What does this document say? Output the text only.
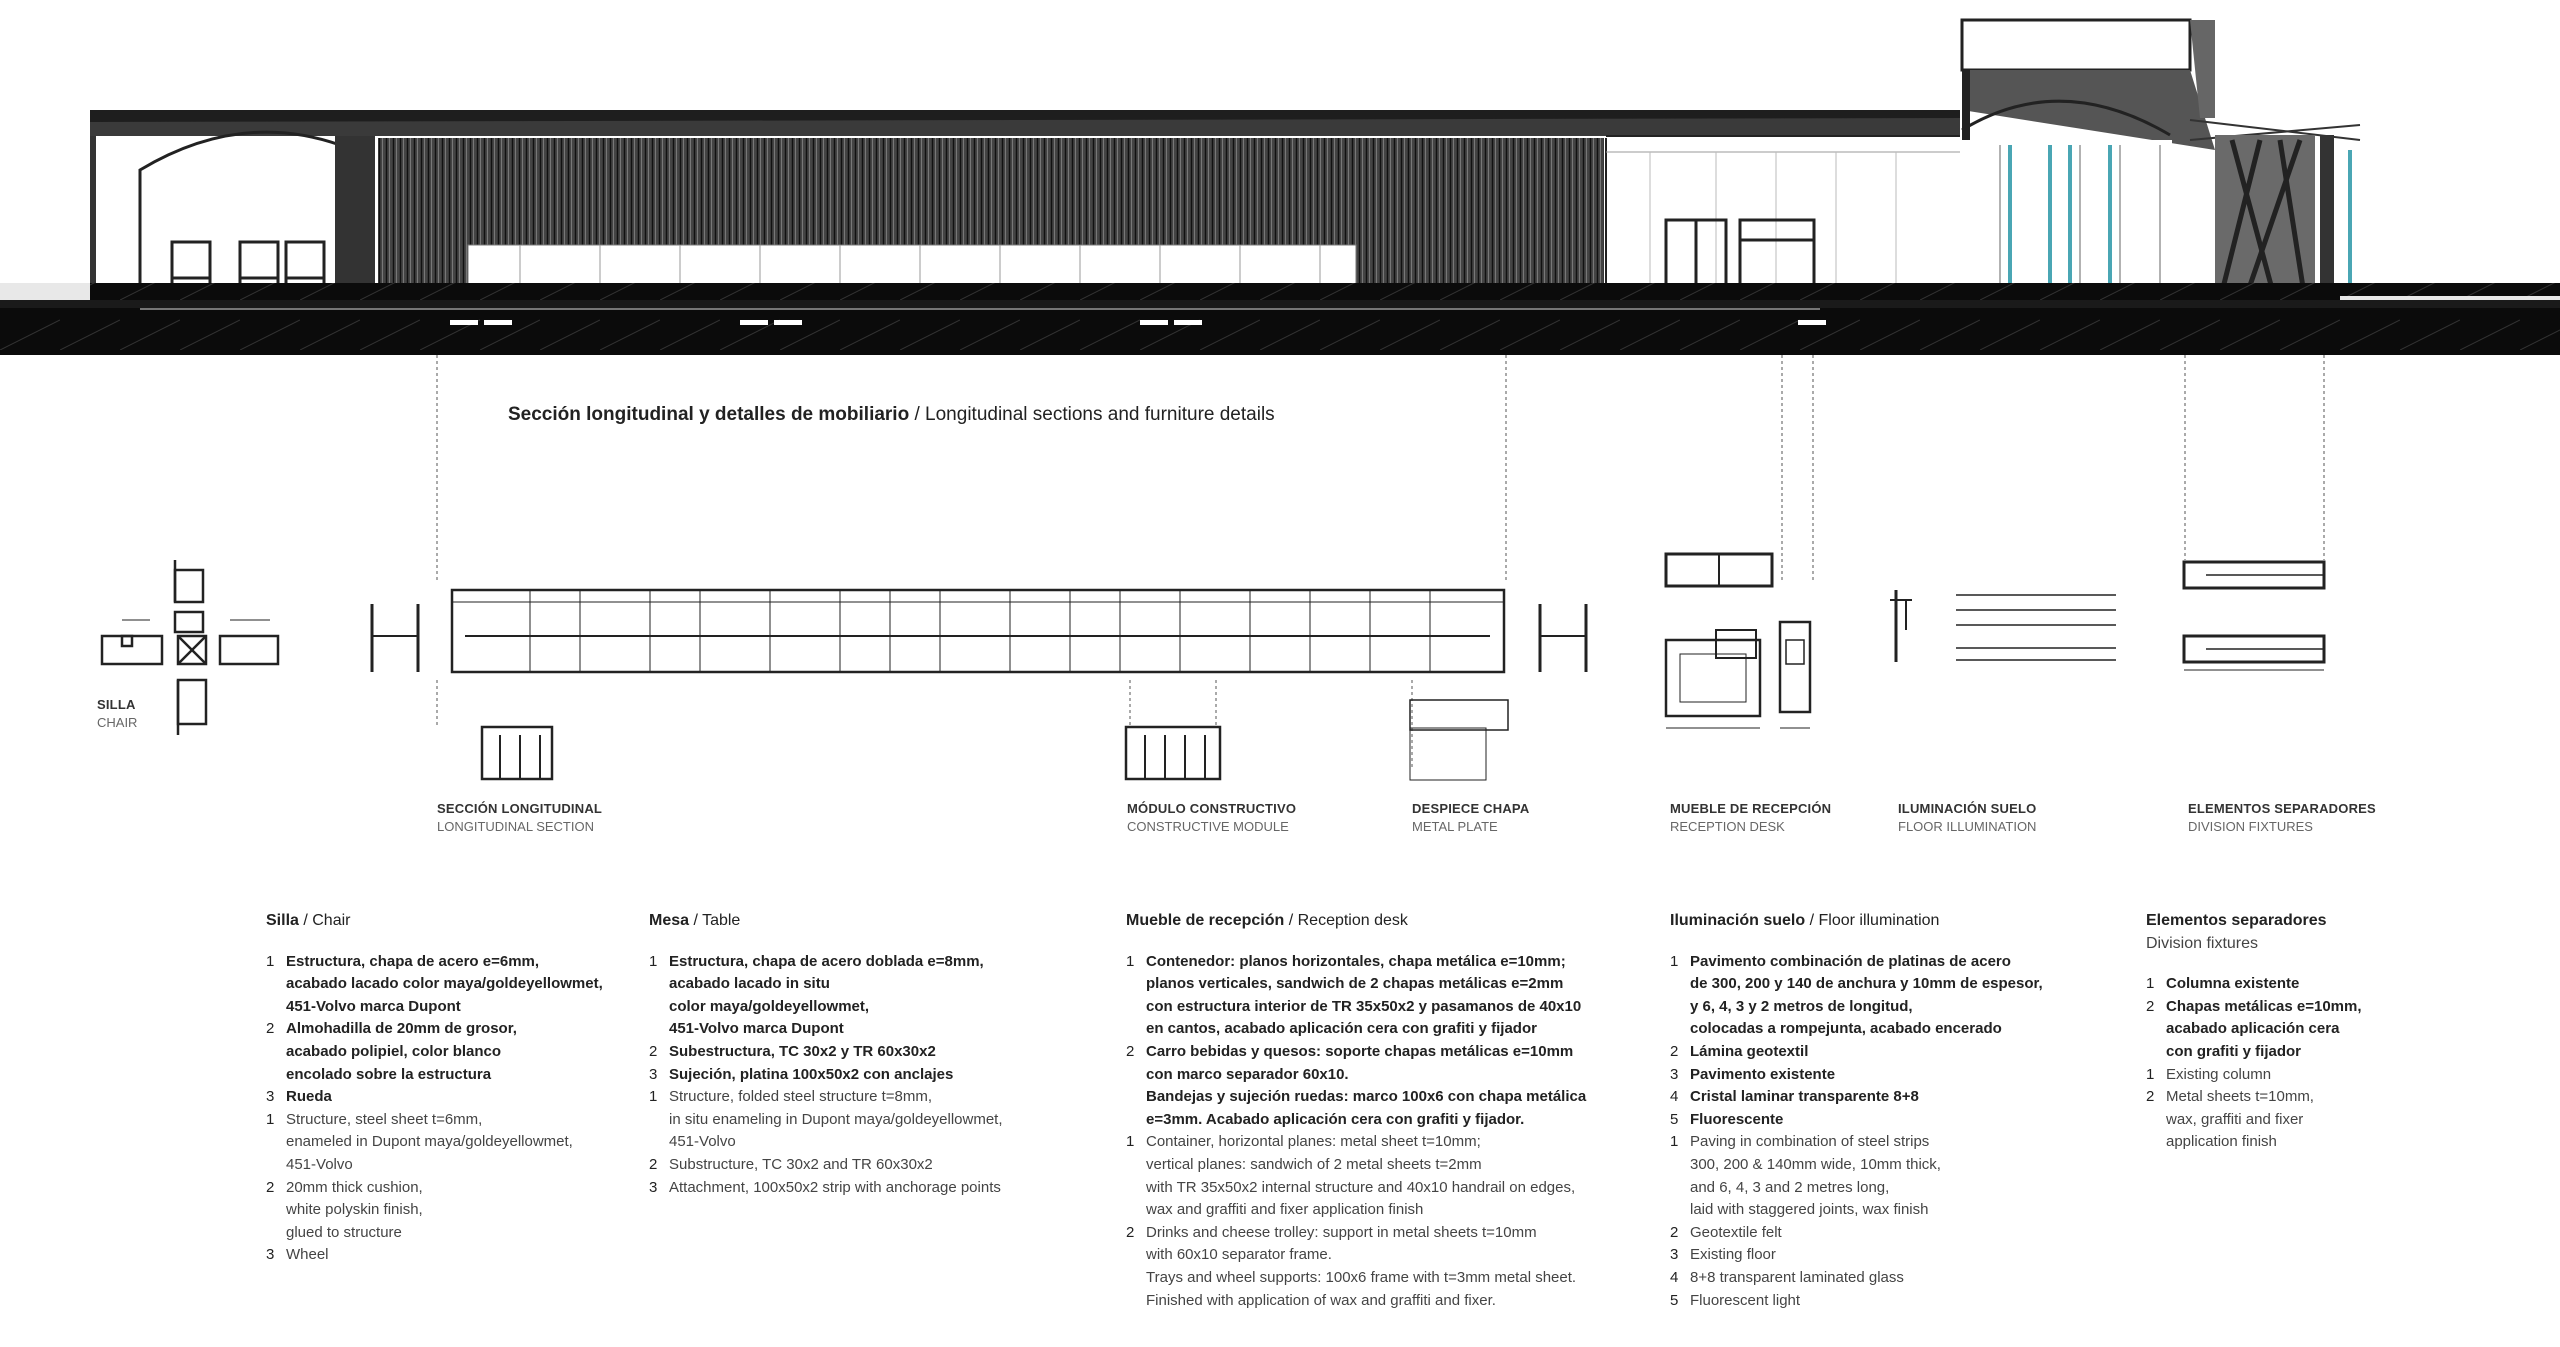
Sección longitudinal y detalles de mobiliario / Longitudinal sections and furniture details
SILLA
CHAIR
SECCIÓN LONGITUDINAL
LONGITUDINAL SECTION
MÓDULO CONSTRUCTIVO
CONSTRUCTIVE MODULE
DESPIECE CHAPA
METAL PLATE
MUEBLE DE RECEPCIÓN
RECEPTION DESK
ILUMINACIÓN SUELO
FLOOR ILLUMINATION
ELEMENTOS SEPARADORES
DIVISION FIXTURES
Silla / Chair
1 Estructura, chapa de acero e=6mm,
acabado lacado color maya/goldeyellowmet,
451-Volvo marca Dupont
2 Almohadilla de 20mm de grosor,
acabado polipiel, color blanco
encolado sobre la estructura
3 Rueda
1 Structure, steel sheet t=6mm,
enameled in Dupont maya/goldeyellowmet,
451-Volvo
2 20mm thick cushion,
white polyskin finish,
glued to structure
3 Wheel
Mesa / Table
1 Estructura, chapa de acero doblada e=8mm,
acabado lacado in situ
color maya/goldeyellowmet,
451-Volvo marca Dupont
2 Subestructura, TC 30x2 y TR 60x30x2
3 Sujeción, platina 100x50x2 con anclajes
1 Structure, folded steel structure t=8mm,
in situ enameling in Dupont maya/goldeyellowmet,
451-Volvo
2 Substructure, TC 30x2 and TR 60x30x2
3 Attachment, 100x50x2 strip with anchorage points
Mueble de recepción / Reception desk
1 Contenedor: planos horizontales, chapa metálica e=10mm;
planos verticales, sandwich de 2 chapas metálicas e=2mm
con estructura interior de TR 35x50x2 y pasamanos de 40x10
en cantos, acabado aplicación cera con grafiti y fijador
2 Carro bebidas y quesos: soporte chapas metálicas e=10mm
con marco separador 60x10.
Bandejas y sujeción ruedas: marco 100x6 con chapa metálica
e=3mm. Acabado aplicación cera con grafiti y fijador.
1 Container, horizontal planes: metal sheet t=10mm;
vertical planes: sandwich of 2 metal sheets t=2mm
with TR 35x50x2 internal structure and 40x10 handrail on edges,
wax and graffiti and fixer application finish
2 Drinks and cheese trolley: support in metal sheets t=10mm
with 60x10 separator frame.
Trays and wheel supports: 100x6 frame with t=3mm metal sheet.
Finished with application of wax and graffiti and fixer.
Iluminación suelo / Floor illumination
1 Pavimento combinación de platinas de acero
de 300, 200 y 140 de anchura y 10mm de espesor,
y 6, 4, 3 y 2 metros de longitud,
colocadas a rompejunta, acabado encerado
2 Lámina geotextil
3 Pavimento existente
4 Cristal laminar transparente 8+8
5 Fluorescente
1 Paving in combination of steel strips
300, 200 & 140mm wide, 10mm thick,
and 6, 4, 3 and 2 metres long,
laid with staggered joints, wax finish
2 Geotextile felt
3 Existing floor
4 8+8 transparent laminated glass
5 Fluorescent light
Elementos separadores
Division fixtures
1 Columna existente
2 Chapas metálicas e=10mm,
acabado aplicación cera
con grafiti y fijador
1 Existing column
2 Metal sheets t=10mm,
wax, graffiti and fixer
application finish
